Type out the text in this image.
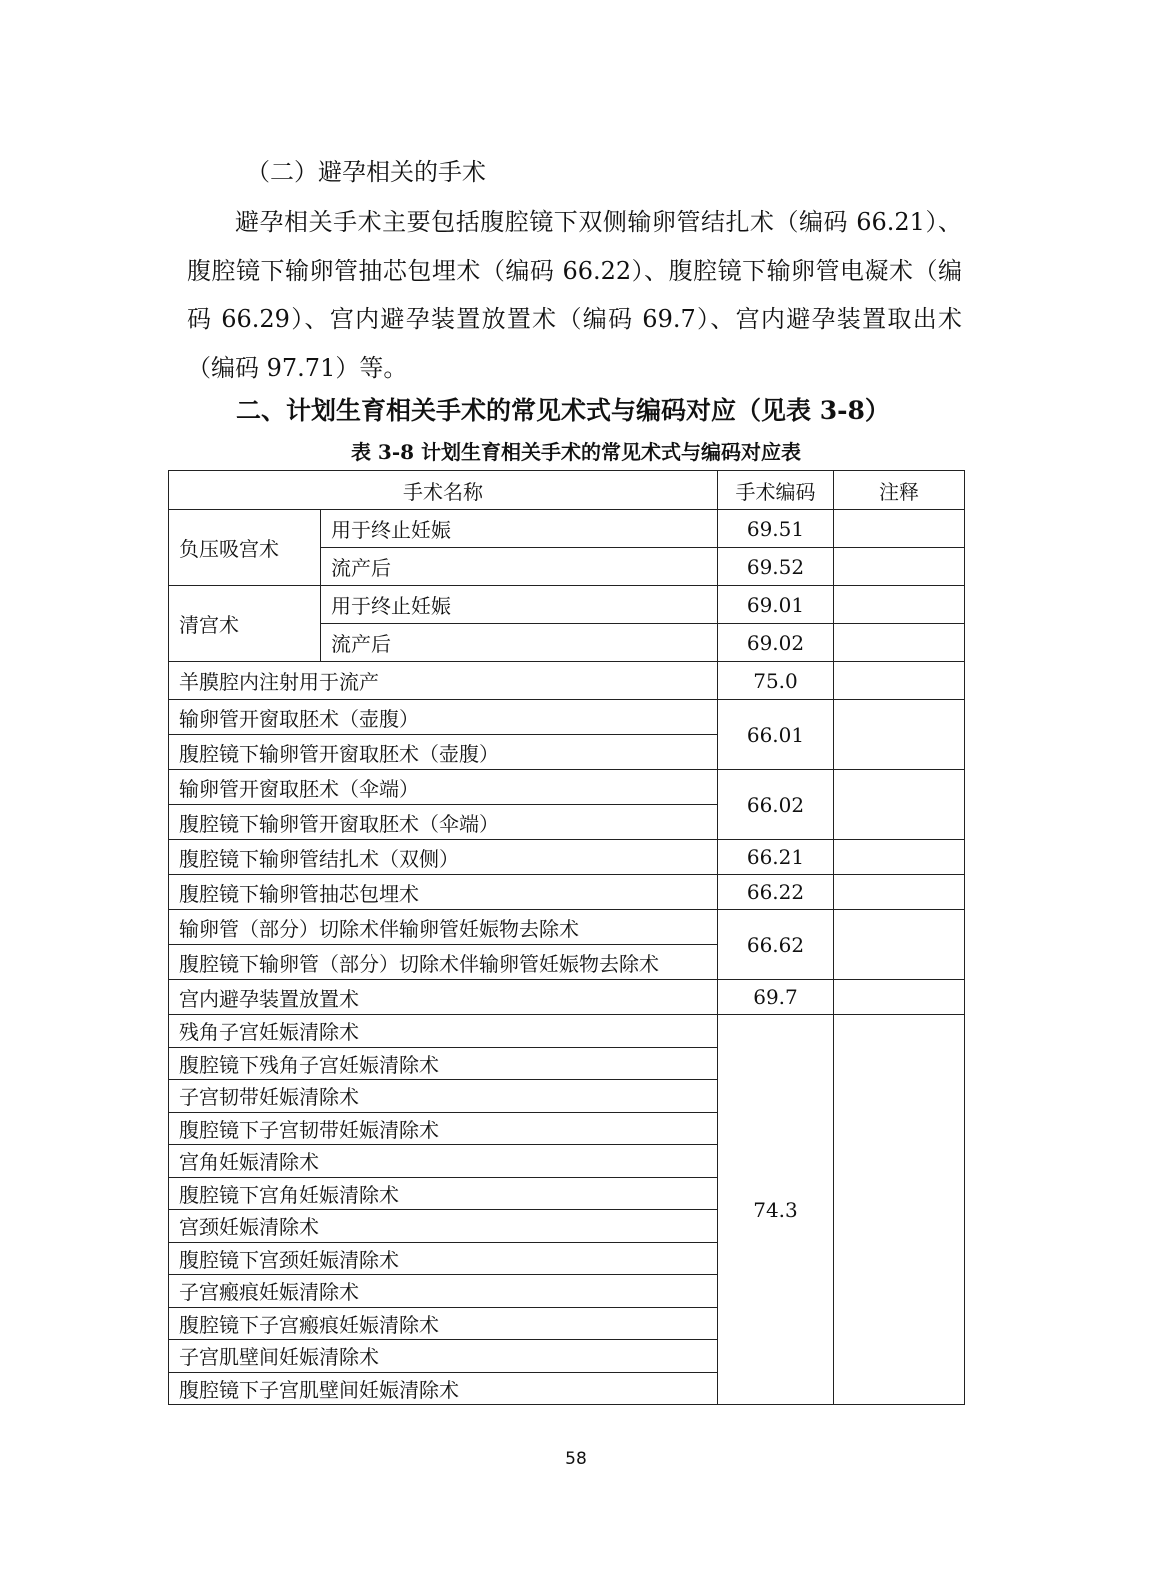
（二）避孕相关的手术
避孕相关手术主要包括腹腔镜下双侧输卵管结扎术（编码 66.21）、腹腔镜下输卵管抽芯包埋术（编码 66.22）、腹腔镜下输卵管电凝术（编码 66.29）、宫内避孕装置放置术（编码 69.7）、宫内避孕装置取出术（编码 97.71）等。
二、计划生育相关手术的常见术式与编码对应（见表 3-8）
表 3-8 计划生育相关手术的常见术式与编码对应表
手术名称		手术编码	注释
负压吸宫术	用于终止妊娠	69.51	
	流产后	69.52	
清宫术	用于终止妊娠	69.01	
	流产后	69.02	
羊膜腔内注射用于流产		75.0	
输卵管开窗取胚术（壶腹）		66.01	
腹腔镜下输卵管开窗取胚术（壶腹）			
输卵管开窗取胚术（伞端）		66.02	
腹腔镜下输卵管开窗取胚术（伞端）			
腹腔镜下输卵管结扎术（双侧）		66.21	
腹腔镜下输卵管抽芯包埋术		66.22	
输卵管（部分）切除术伴输卵管妊娠物去除术		66.62	
腹腔镜下输卵管（部分）切除术伴输卵管妊娠物去除术			
宫内避孕装置放置术		69.7	
残角子宫妊娠清除术		74.3	
腹腔镜下残角子宫妊娠清除术			
子宫韧带妊娠清除术			
腹腔镜下子宫韧带妊娠清除术			
宫角妊娠清除术			
腹腔镜下宫角妊娠清除术			
宫颈妊娠清除术			
腹腔镜下宫颈妊娠清除术			
子宫瘢痕妊娠清除术			
腹腔镜下子宫瘢痕妊娠清除术			
子宫肌壁间妊娠清除术			
腹腔镜下子宫肌壁间妊娠清除术			
58
